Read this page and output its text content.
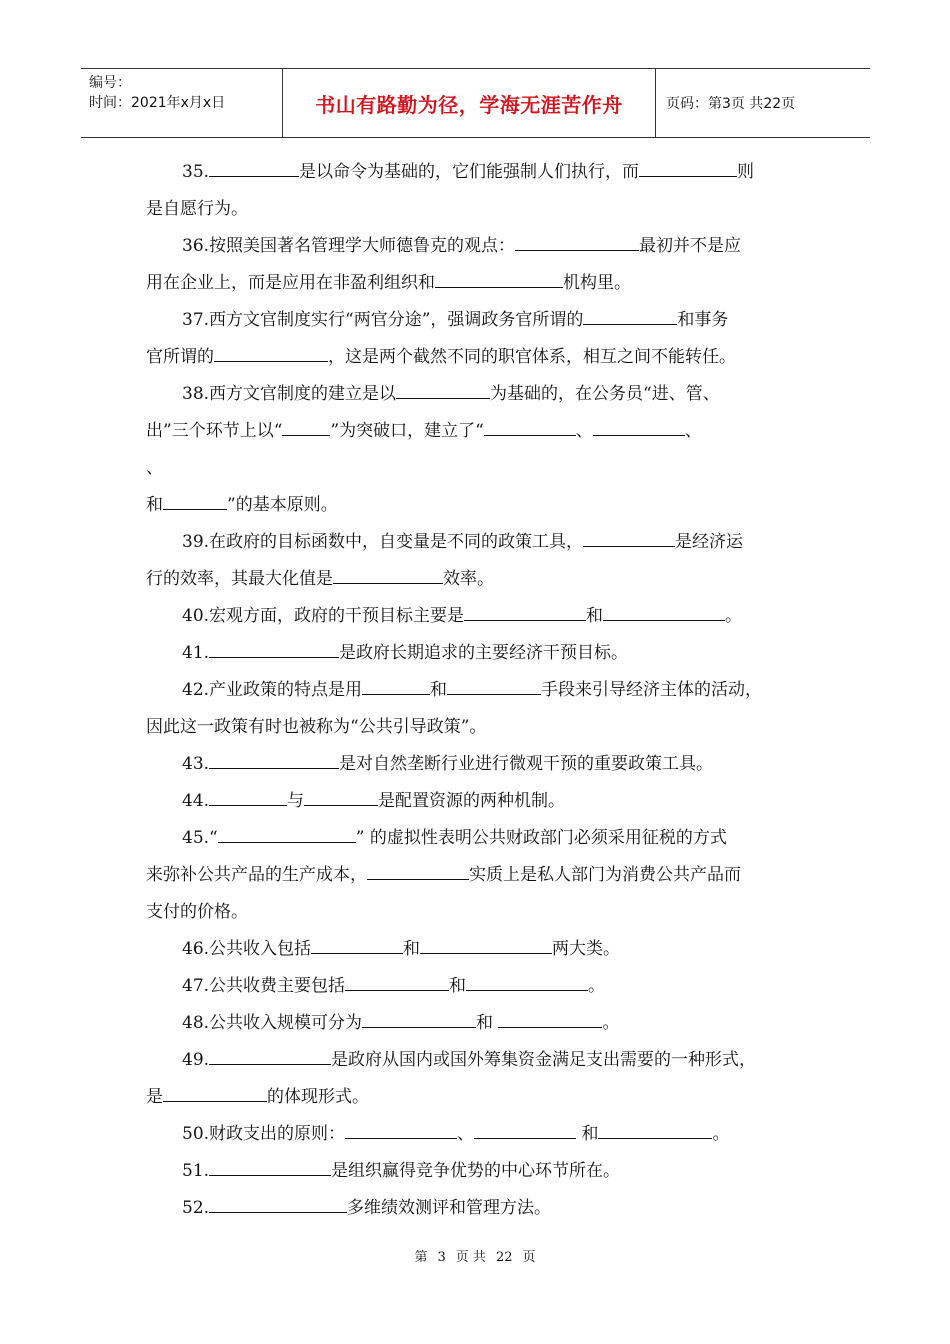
编号：
时间：2021年x月x日	书山有路勤为径，学海无涯苦作舟	页码：第3页 共22页
35.	是以命令为基础的，它们能强制人们执行，而	则
是自愿行为。
36.按照美国著名管理学大师德鲁克的观点：	最初并不是应
用在企业上，而是应用在非盈利组织和	机构里。
37.西方文官制度实行“两官分途”，强调政务官所谓的	和事务
官所谓的	，这是两个截然不同的职官体系，相互之间不能转任。
38.西方文官制度的建立是以	为基础的，在公务员“进、管、
出”三个环节上以“	”为突破口，建立了“	、	、
、
和	”的基本原则。
39.在政府的目标函数中，自变量是不同的政策工具，	是经济运
行的效率，其最大化值是	效率。
40.宏观方面，政府的干预目标主要是	和	。
41.	是政府长期追求的主要经济干预目标。
42.产业政策的特点是用	和	手段来引导经济主体的活动，
因此这一政策有时也被称为“公共引导政策”。
43.	是对自然垄断行业进行微观干预的重要政策工具。
44.	与	是配置资源的两种机制。
45.“	” 的虚拟性表明公共财政部门必须采用征税的方式
来弥补公共产品的生产成本，	实质上是私人部门为消费公共产品而
支付的价格。
46.公共收入包括	和	两大类。
47.公共收费主要包括	和	。
48.公共收入规模可分为	和	。
49.	是政府从国内或国外筹集资金满足支出需要的一种形式，
是	的体现形式。
50.财政支出的原则：	、	和	。
51.	是组织赢得竞争优势的中心环节所在。
52.	多维绩效测评和管理方法。
第 3 页 共 22 页
